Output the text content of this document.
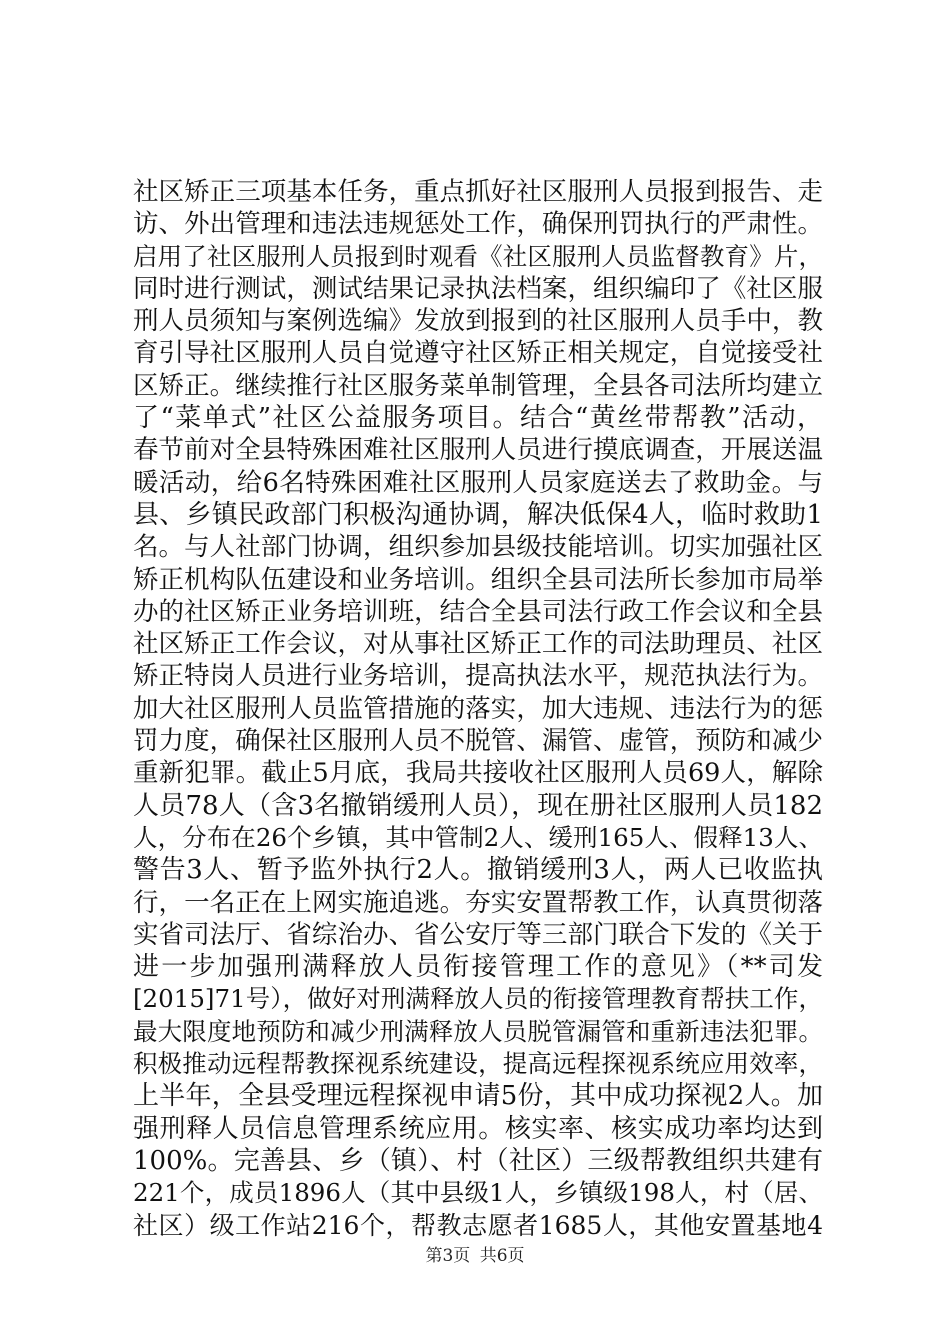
社区矫正三项基本任务，重点抓好社区服刑人员报到报告、走
访、外出管理和违法违规惩处工作，确保刑罚执行的严肃性。
启用了社区服刑人员报到时观看《社区服刑人员监督教育》片，
同时进行测试，测试结果记录执法档案，组织编印了《社区服
刑人员须知与案例选编》发放到报到的社区服刑人员手中，教
育引导社区服刑人员自觉遵守社区矫正相关规定，自觉接受社
区矫正。继续推行社区服务菜单制管理，全县各司法所均建立
了“菜单式”社区公益服务项目。结合“黄丝带帮教”活动，
春节前对全县特殊困难社区服刑人员进行摸底调查，开展送温
暖活动，给6名特殊困难社区服刑人员家庭送去了救助金。与
县、乡镇民政部门积极沟通协调，解决低保4人，临时救助1
名。与人社部门协调，组织参加县级技能培训。切实加强社区
矫正机构队伍建设和业务培训。组织全县司法所长参加市局举
办的社区矫正业务培训班，结合全县司法行政工作会议和全县
社区矫正工作会议，对从事社区矫正工作的司法助理员、社区
矫正特岗人员进行业务培训，提高执法水平，规范执法行为。
加大社区服刑人员监管措施的落实，加大违规、违法行为的惩
罚力度，确保社区服刑人员不脱管、漏管、虚管，预防和减少
重新犯罪。截止5月底，我局共接收社区服刑人员69人，解除
人员78人（含3名撤销缓刑人员），现在册社区服刑人员182
人，分布在26个乡镇，其中管制2人、缓刑165人、假释13人、
警告3人、暂予监外执行2人。撤销缓刑3人，两人已收监执
行，一名正在上网实施追逃。夯实安置帮教工作，认真贯彻落
实省司法厅、省综治办、省公安厅等三部门联合下发的《关于
进一步加强刑满释放人员衔接管理工作的意见》（**司发
[2015]71号），做好对刑满释放人员的衔接管理教育帮扶工作，
最大限度地预防和减少刑满释放人员脱管漏管和重新违法犯罪。
积极推动远程帮教探视系统建设，提高远程探视系统应用效率，
上半年，全县受理远程探视申请5份，其中成功探视2人。加
强刑释人员信息管理系统应用。核实率、核实成功率均达到
100%。完善县、乡（镇）、村（社区）三级帮教组织共建有
221个，成员1896人（其中县级1人，乡镇级198人，村（居、
社区）级工作站216个，帮教志愿者1685人，其他安置基地4
第3页 共6页
